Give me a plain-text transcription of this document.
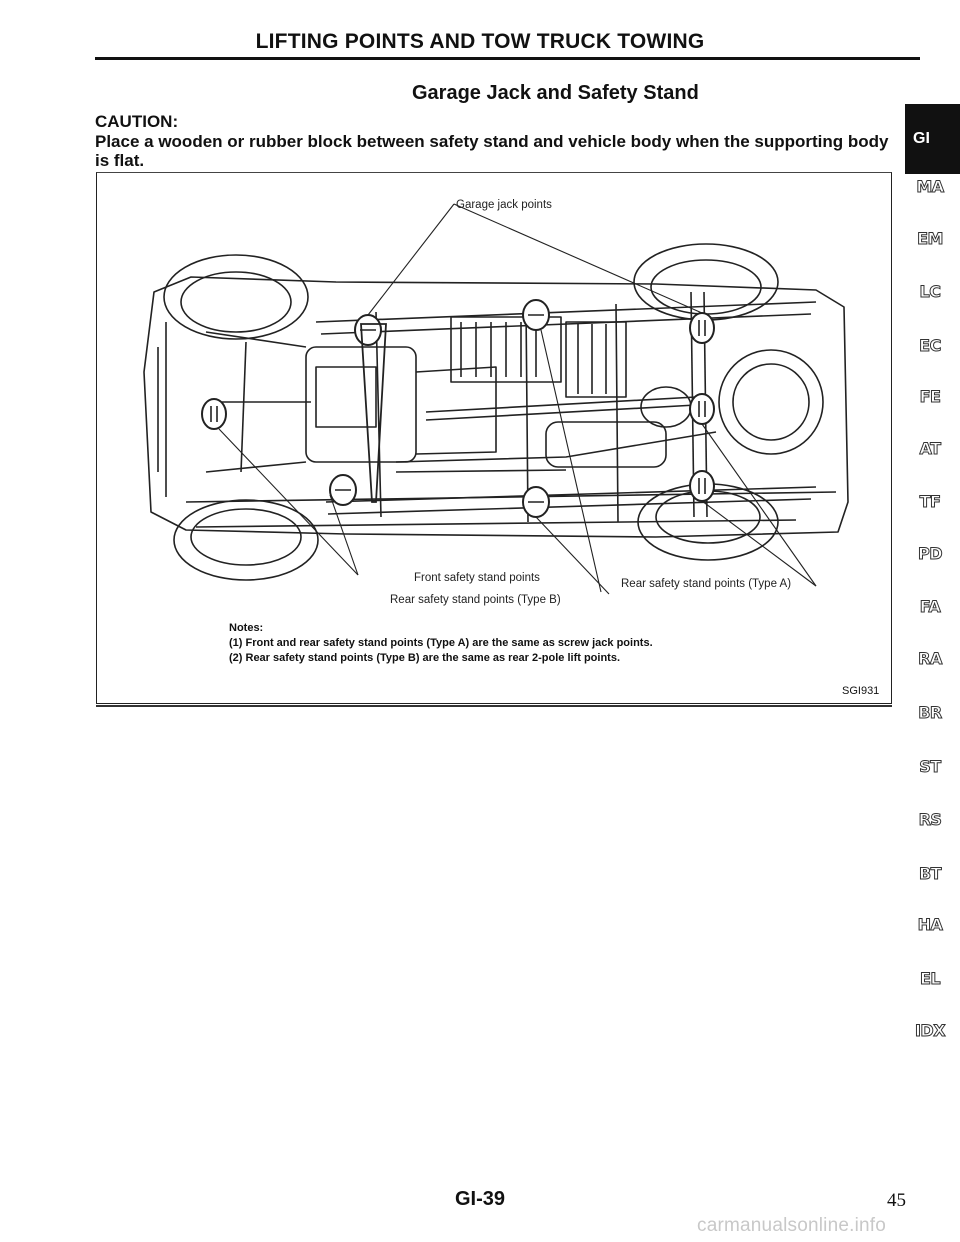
LIFTING POINTS AND TOW TRUCK TOWING
Garage Jack and Safety Stand
CAUTION:
Place a wooden or rubber block between safety stand and vehicle body when the supporting body is flat.
Garage jack points
Front safety stand points	Rear safety stand points (Type A)
Rear safety stand points (Type B)
Notes:
(1) Front and rear safety stand points (Type A) are the same as screw jack points.
(2) Rear safety stand points (Type B) are the same as rear 2-pole lift points.
SGI931
GI
MA
EM
LC
EC
FE
AT
TF
PD
FA
RA
BR
ST
RS
BT
HA
EL
IDX
GI-39	45
carmanualsonline.info
